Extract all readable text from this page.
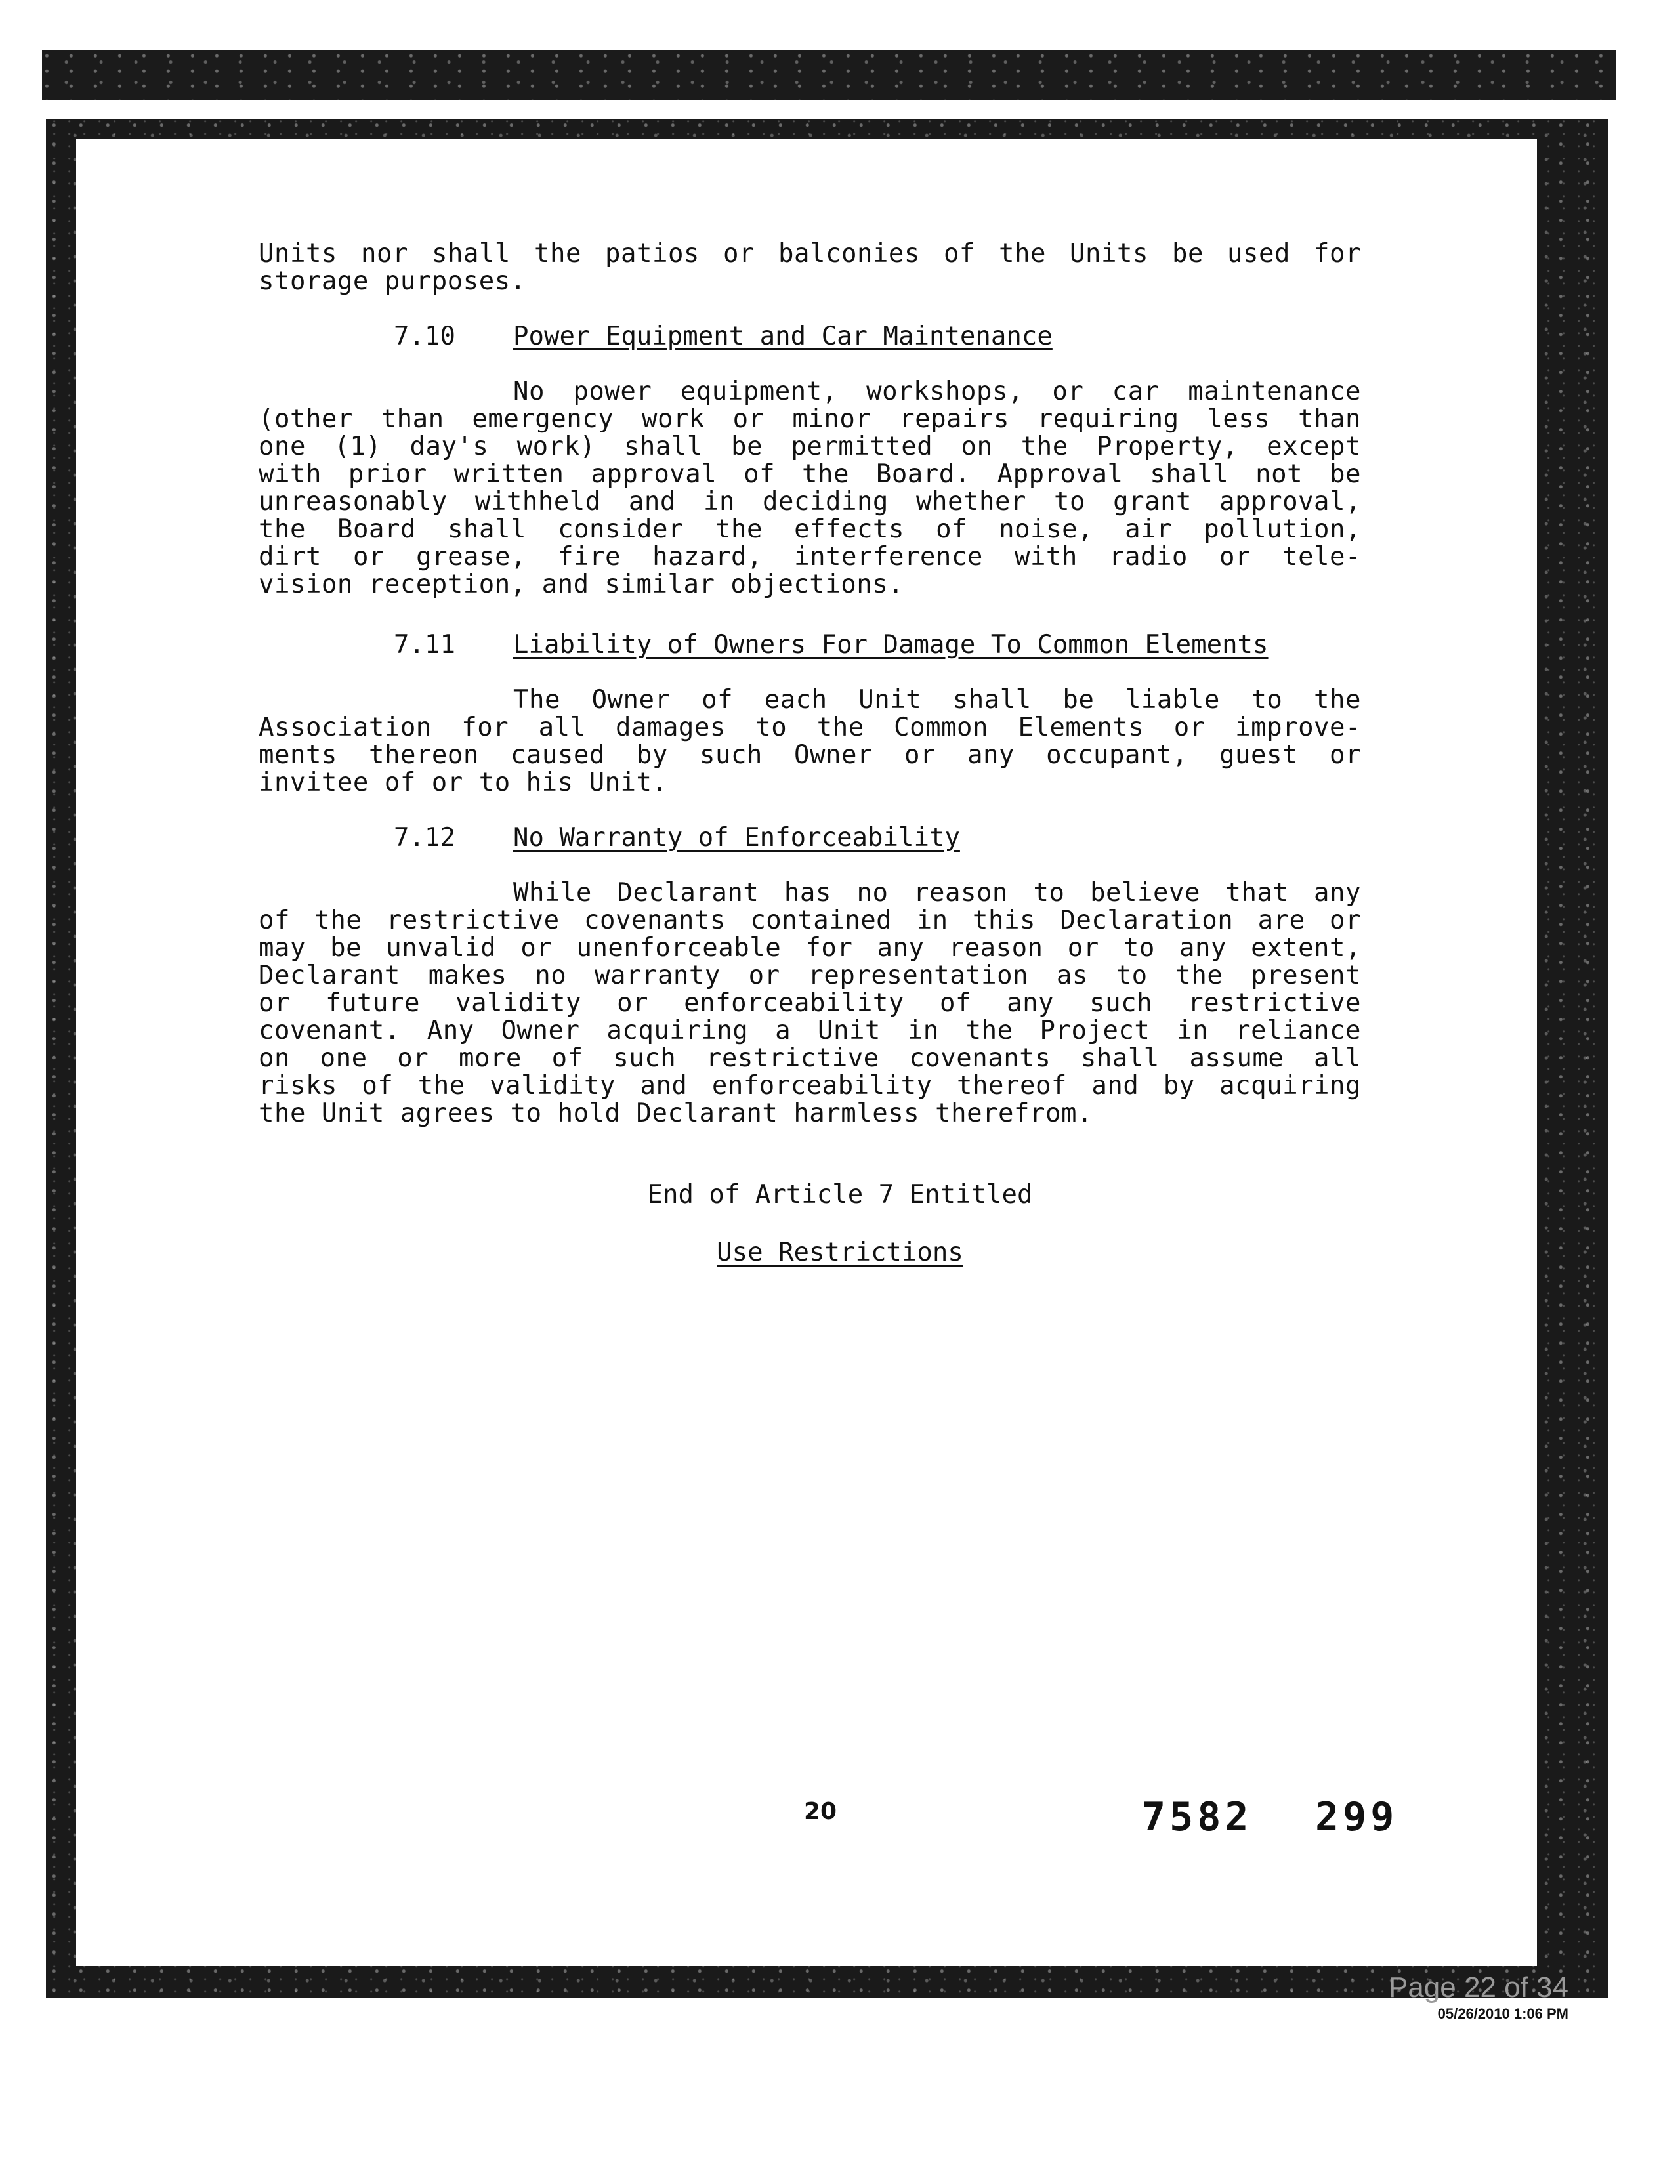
Units nor shall the patios or balconies of the Units be used for

storage purposes.

7.10 Power Equipment and Car Maintenance

No power equipment, workshops, or car maintenance

(other than emergency work or minor repairs requiring less than

one (1) day's work) shall be permitted on the Property, except

with prior written approval of the Board. Approval shall not be

unreasonably withheld and in deciding whether to grant approval,

the Board shall consider the effects of noise, air pollution,

dirt or grease, fire hazard, interference with radio or tele-

vision reception, and similar objections.

7.11 Liability of Owners For Damage To Common Elements

The Owner of each Unit shall be liable to the

Association for all damages to the Common Elements or improve-

ments thereon caused by such Owner or any occupant, guest or

invitee of or to his Unit.

7.12 No Warranty of Enforceability

While Declarant has no reason to believe that any

of the restrictive covenants contained in this Declaration are or

may be unvalid or unenforceable for any reason or to any extent,

Declarant makes no warranty or representation as to the present

or future validity or enforceability of any such restrictive

covenant. Any Owner acquiring a Unit in the Project in reliance

on one or more of such restrictive covenants shall assume all

risks of the validity and enforceability thereof and by acquiring

the Unit agrees to hold Declarant harmless therefrom.

End of Article 7 Entitled

Use Restrictions

20	7582 299
Page 22 of 34
05/26/2010 1:06 PM
